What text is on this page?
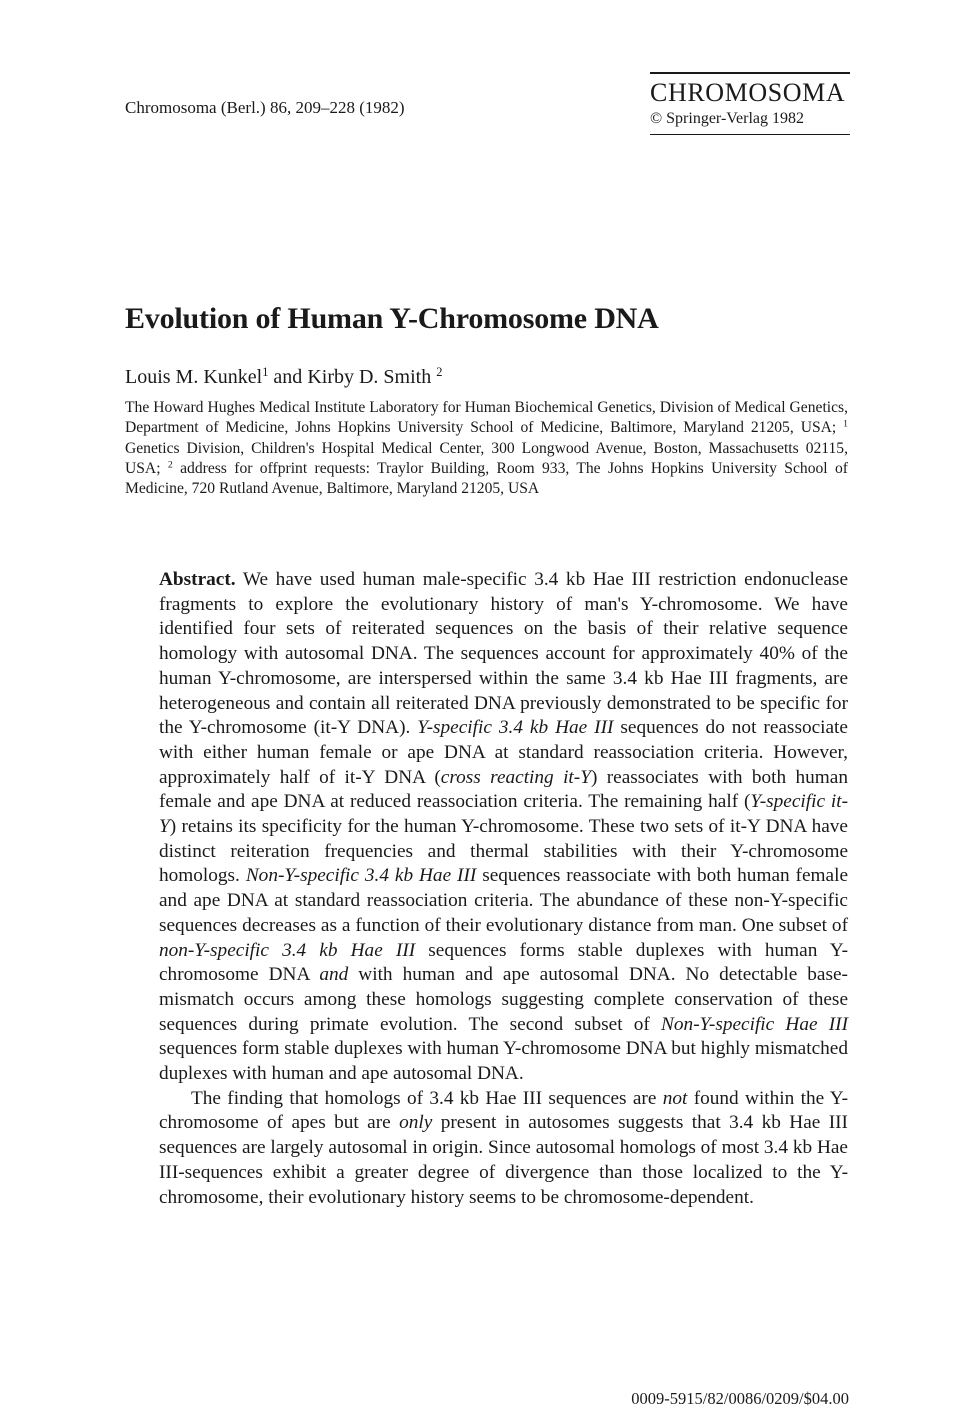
Chromosoma (Berl.) 86, 209–228 (1982)
CHROMOSOMA
© Springer-Verlag 1982
Evolution of Human Y-Chromosome DNA

Louis M. Kunkel$^1$ and Kirby D. Smith $^2$

The Howard Hughes Medical Institute Laboratory for Human Biochemical Genetics, Division of Medical Genetics, Department of Medicine, Johns Hopkins University School of Medicine, Baltimore, Maryland 21205, USA; $^1$ Genetics Division, Children's Hospital Medical Center, 300 Longwood Avenue, Boston, Massachusetts 02115, USA; $^2$ address for offprint requests: Traylor Building, Room 933, The Johns Hopkins University School of Medicine, 720 Rutland Avenue, Baltimore, Maryland 21205, USA

Abstract. We have used human male-specific 3.4 kb Hae III restriction endonuclease fragments to explore the evolutionary history of man's Y-chromosome. We have identified four sets of reiterated sequences on the basis of their relative sequence homology with autosomal DNA. The sequences account for approximately 40% of the human Y-chromosome, are interspersed within the same 3.4 kb Hae III fragments, are heterogeneous and contain all reiterated DNA previously demonstrated to be specific for the Y-chromosome (it-Y DNA). Y-specific 3.4 kb Hae III sequences do not reassociate with either human female or ape DNA at standard reassociation criteria. However, approximately half of it-Y DNA (cross reacting it-Y) reassociates with both human female and ape DNA at reduced reassociation criteria. The remaining half (Y-specific it-Y) retains its specificity for the human Y-chromosome. These two sets of it-Y DNA have distinct reiteration frequencies and thermal stabilities with their Y-chromosome homologs. Non-Y-specific 3.4 kb Hae III sequences reassociate with both human female and ape DNA at standard reassociation criteria. The abundance of these non-Y-specific sequences decreases as a function of their evolutionary distance from man. One subset of non-Y-specific 3.4 kb Hae III sequences forms stable duplexes with human Y-chromosome DNA and with human and ape autosomal DNA. No detectable base-mismatch occurs among these homologs suggesting complete conservation of these sequences during primate evolution. The second subset of Non-Y-specific Hae III sequences form stable duplexes with human Y-chromosome DNA but highly mismatched duplexes with human and ape autosomal DNA.

The finding that homologs of 3.4 kb Hae III sequences are not found within the Y-chromosome of apes but are only present in autosomes suggests that 3.4 kb Hae III sequences are largely autosomal in origin. Since autosomal homologs of most 3.4 kb Hae III-sequences exhibit a greater degree of divergence than those localized to the Y-chromosome, their evolutionary history seems to be chromosome-dependent.

0009-5915/82/0086/0209/$04.00
